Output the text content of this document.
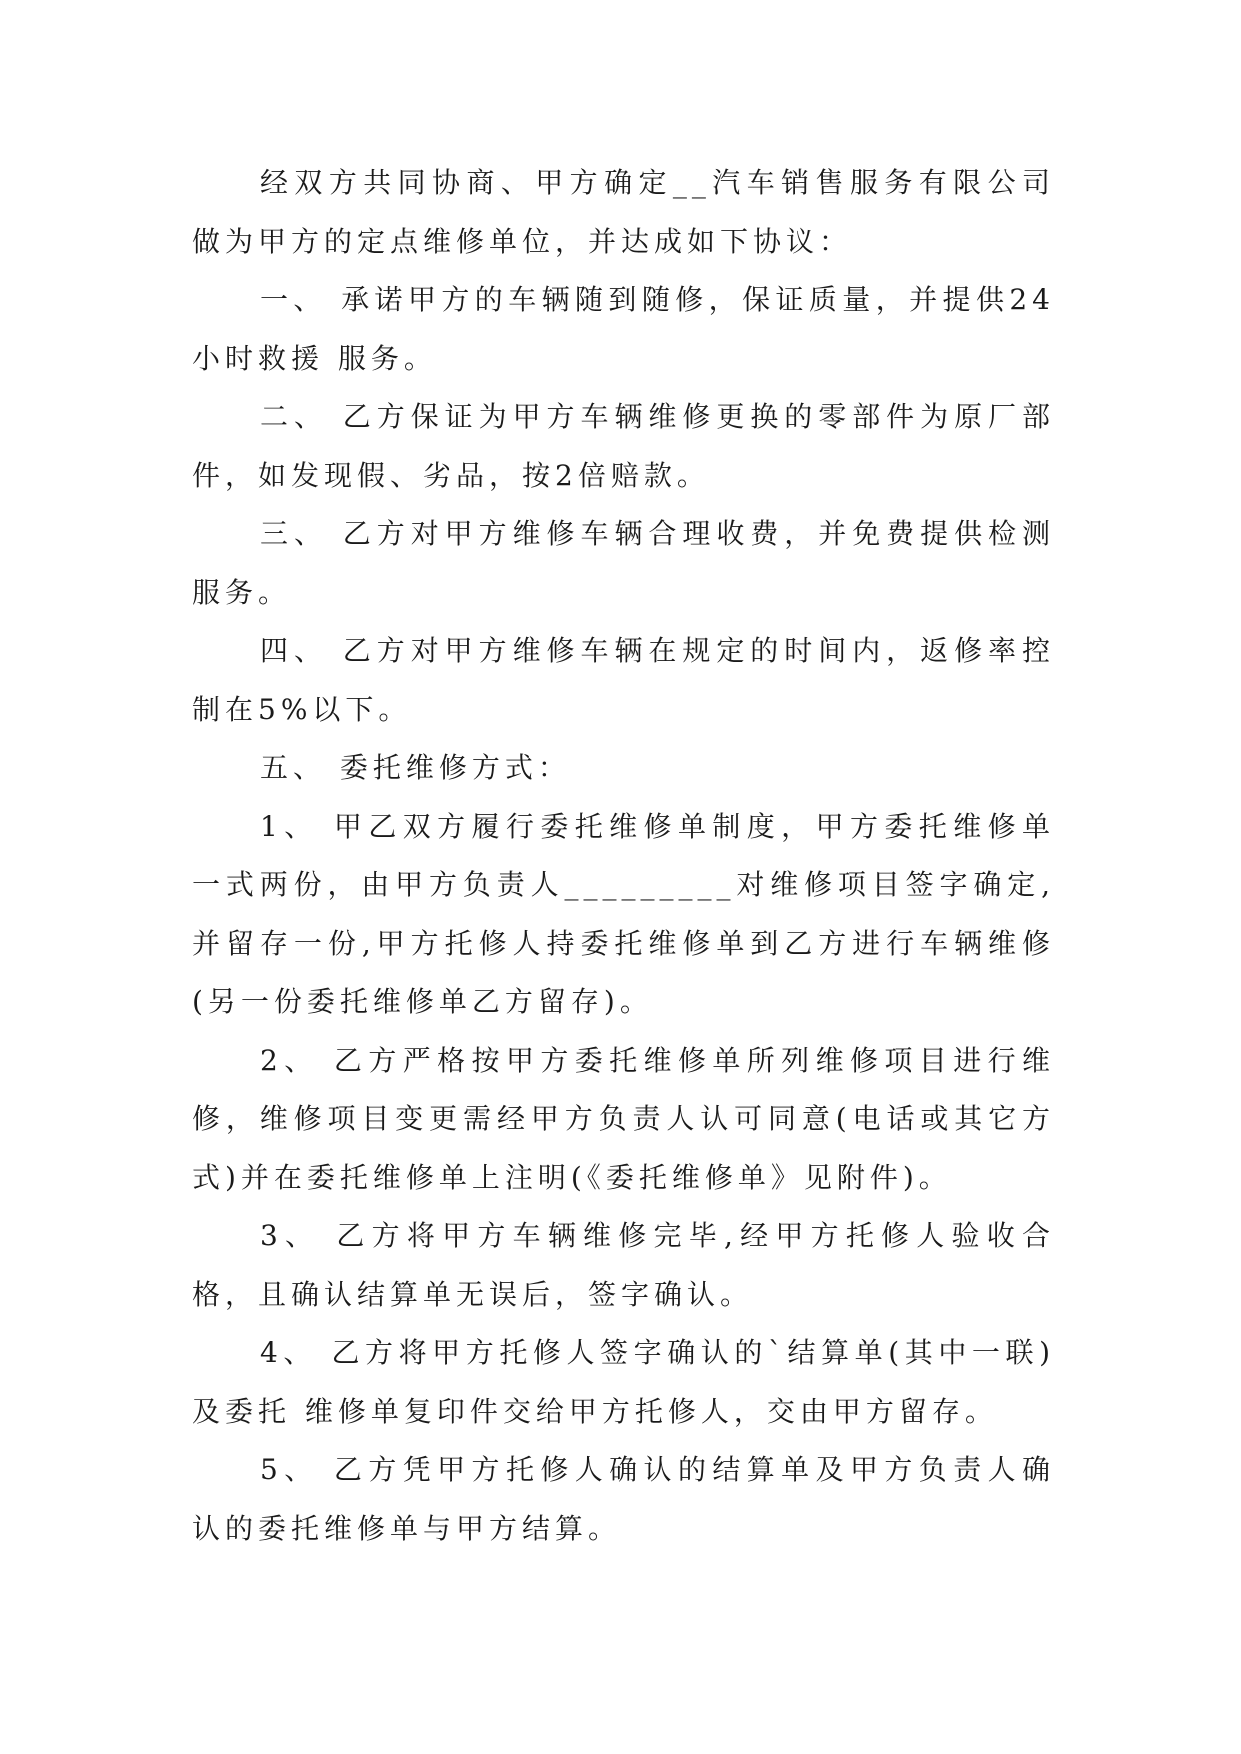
经双方共同协商、甲方确定__汽车销售服务有限公司做为甲方的定点维修单位，并达成如下协议：

一、 承诺甲方的车辆随到随修，保证质量，并提供24小时救援 服务。

二、 乙方保证为甲方车辆维修更换的零部件为原厂部件，如发现假、劣品，按2倍赔款。

三、 乙方对甲方维修车辆合理收费，并免费提供检测服务。

四、 乙方对甲方维修车辆在规定的时间内，返修率控制在5%以下。

五、 委托维修方式：

1、 甲乙双方履行委托维修单制度，甲方委托维修单一式两份，由甲方负责人_________对维修项目签字确定,并留存一份,甲方托修人持委托维修单到乙方进行车辆维修(另一份委托维修单乙方留存)。

2、 乙方严格按甲方委托维修单所列维修项目进行维修，维修项目变更需经甲方负责人认可同意(电话或其它方式)并在委托维修单上注明(《委托维修单》见附件)。

3、 乙方将甲方车辆维修完毕,经甲方托修人验收合格，且确认结算单无误后，签字确认。

4、 乙方将甲方托修人签字确认的`结算单(其中一联)及委托 维修单复印件交给甲方托修人，交由甲方留存。

5、 乙方凭甲方托修人确认的结算单及甲方负责人确认的委托维修单与甲方结算。
